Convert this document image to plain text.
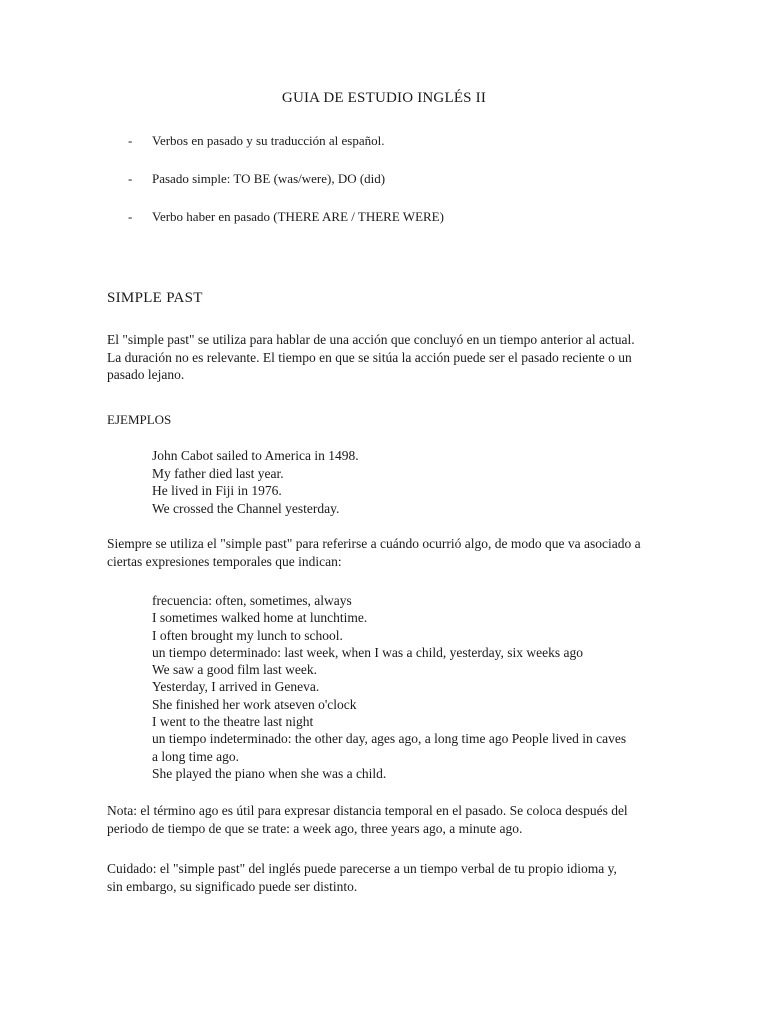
GUIA DE ESTUDIO INGLÉS II
- Verbos en pasado y su traducción al español.
- Pasado simple: TO BE (was/were), DO (did)
- Verbo haber en pasado (THERE ARE / THERE WERE)
SIMPLE PAST
El "simple past" se utiliza para hablar de una acción que concluyó en un tiempo anterior al actual.
La duración no es relevante. El tiempo en que se sitúa la acción puede ser el pasado reciente o un
pasado lejano.
EJEMPLOS
John Cabot sailed to America in 1498.
My father died last year.
He lived in Fiji in 1976.
We crossed the Channel yesterday.
Siempre se utiliza el "simple past" para referirse a cuándo ocurrió algo, de modo que va asociado a
ciertas expresiones temporales que indican:
frecuencia: often, sometimes, always
I sometimes walked home at lunchtime.
I often brought my lunch to school.
un tiempo determinado: last week, when I was a child, yesterday, six weeks ago
We saw a good film last week.
Yesterday, I arrived in Geneva.
She finished her work atseven o'clock
I went to the theatre last night
un tiempo indeterminado: the other day, ages ago, a long time ago People lived in caves
a long time ago.
She played the piano when she was a child.
Nota: el término ago es útil para expresar distancia temporal en el pasado. Se coloca después del
periodo de tiempo de que se trate: a week ago, three years ago, a minute ago.
Cuidado: el "simple past" del inglés puede parecerse a un tiempo verbal de tu propio idioma y,
sin embargo, su significado puede ser distinto.
